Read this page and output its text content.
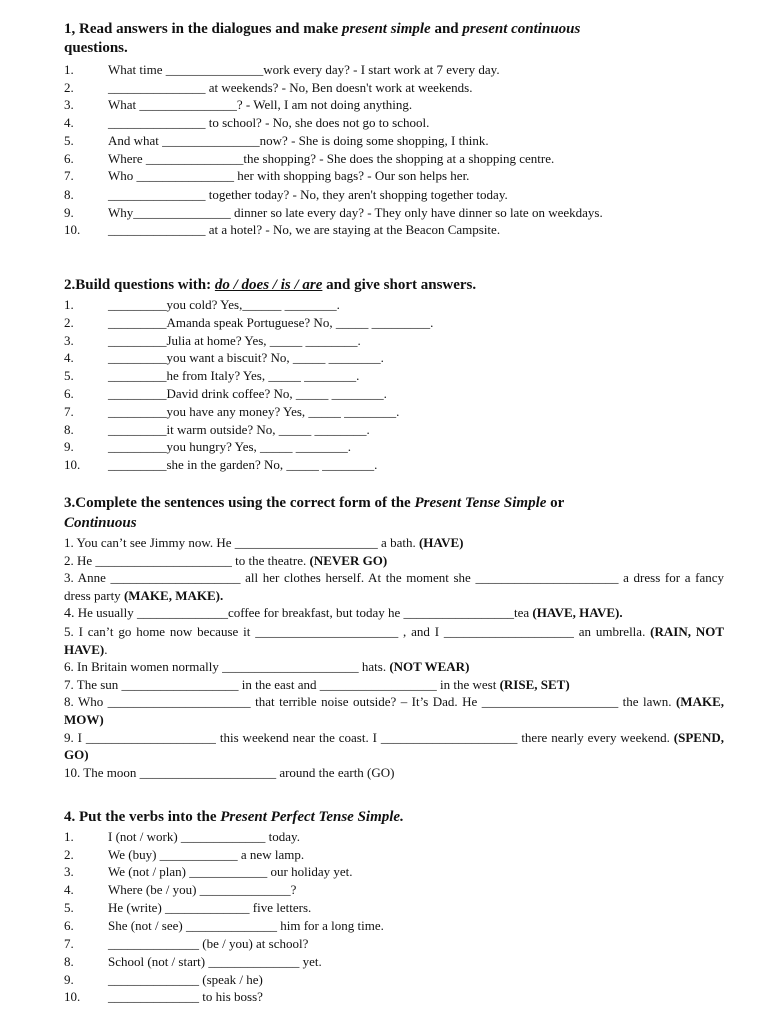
1, Read answers in the dialogues and make present simple and present continuous
questions.
1.	What time _______________work every day? - I start work at 7 every day.
2.	_______________ at weekends? - No, Ben doesn't work at weekends.
3.	What _______________? - Well, I am not doing anything.
4.	_______________ to school? - No, she does not go to school.
5.	And what _______________now? - She is doing some shopping, I think.
6.	Where _______________the shopping? - She does the shopping at a shopping centre.
7.	Who _______________ her with shopping bags? - Our son helps her.
8.	_______________ together today? - No, they aren't shopping together today.
9.	Why_______________ dinner so late every day? - They only have dinner so late on weekdays.
10. _______________ at a hotel? - No, we are staying at the Beacon Campsite.
2.Build questions with: do / does / is / are and give short answers.
1.	_________you cold? Yes,______ ________.
2.	_________Amanda speak Portuguese? No, _____ _________.
3.	_________Julia at home? Yes, _____ ________.
4.	_________you want a biscuit? No, _____ ________.
5.	_________he from Italy? Yes, _____ ________.
6.	_________David drink coffee? No, _____ ________.
7.	_________you have any money? Yes, _____ ________.
8.	_________it warm outside? No, _____ ________.
9.	_________you hungry? Yes, _____ ________.
10. _________she in the garden? No, _____ ________.
3.Complete the sentences using the correct form of the Present Tense Simple or
Continuous

1. You can’t see Jimmy now. He ______________________ a bath. (HAVE)

2. He _____________________ to the theatre. (NEVER GO)

3. Anne ____________________ all her clothes herself. At the moment she ______________________ a dress for a fancy dress party (MAKE, MAKE).

4. He usually ______________coffee for breakfast, but today he _________________tea (HAVE, HAVE).

5. I can’t go home now because it ______________________ , and I ____________________ an umbrella. (RAIN, NOT HAVE).

6. In Britain women normally _____________________ hats. (NOT WEAR)

7. The sun __________________ in the east and __________________ in the west (RISE, SET)

8. Who ______________________ that terrible noise outside? – It’s Dad. He _____________________ the lawn. (MAKE, MOW)

9. I ____________________ this weekend near the coast. I _____________________ there nearly every weekend. (SPEND, GO)

10. The moon _____________________ around the earth (GO)

4. Put the verbs into the Present Perfect Tense Simple.
1.	I (not / work) _____________ today.
2.	We (buy) ____________ a new lamp.
3.	We (not / plan) ____________ our holiday yet.
4.	Where (be / you) ______________?
5.	He (write) _____________ five letters.
6.	She (not / see) ______________ him for a long time.
7.	______________ (be / you) at school?
8.	School (not / start) ______________ yet.
9.	______________ (speak / he)
10. ______________ to his boss?
